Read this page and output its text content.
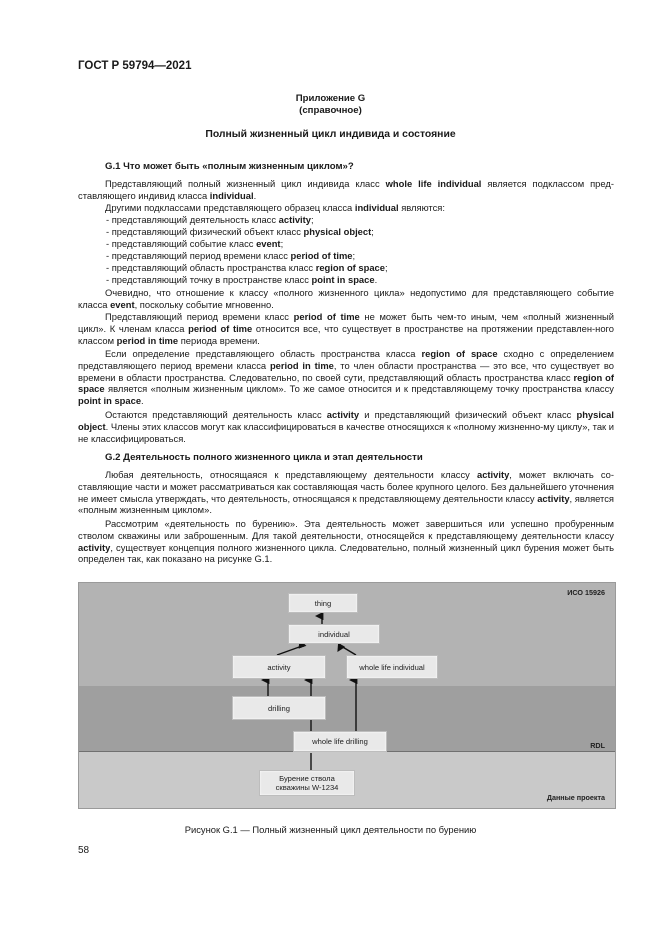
ГОСТ Р 59794—2021
Приложение G
(справочное)
Полный жизненный цикл индивида и состояние
G.1 Что может быть «полным жизненным циклом»?
Представляющий полный жизненный цикл индивида класс whole life individual является подклассом пред-ставляющего индивид класса individual.
Другими подклассами представляющего образец класса individual являются:
- представляющий деятельность класс activity;
- представляющий физический объект класс physical object;
- представляющий событие класс event;
- представляющий период времени класс period of time;
- представляющий область пространства класс region of space;
- представляющий точку в пространстве класс point in space.
Очевидно, что отношение к классу «полного жизненного цикла» недопустимо для представляющего событие класса event, поскольку событие мгновенно.
Представляющий период времени класс period of time не может быть чем-то иным, чем «полный жизненный цикл». К членам класса period of time относится все, что существует в пространстве на протяжении представлен-ного классом period in time периода времени.
Если определение представляющего область пространства класса region of space сходно с определением представляющего период времени класса period in time, то член области пространства — это все, что существует во времени в области пространства. Следовательно, по своей сути, представляющий область пространства класс region of space является «полным жизненным циклом». То же самое относится и к представляющему точку пространства классу point in space.
Остаются представляющий деятельность класс activity и представляющий физический объект класс physical object. Члены этих классов могут как классифицироваться в качестве относящихся к «полному жизненно-му циклу», так и не классифицироваться.
G.2 Деятельность полного жизненного цикла и этап деятельности
Любая деятельность, относящаяся к представляющему деятельности классу activity, может включать со-ставляющие части и может рассматриваться как составляющая часть более крупного целого. Без дальнейшего уточнения не имеет смысла утверждать, что деятельность, относящаяся к представляющему деятельности классу activity, является «полным жизненным циклом».
Рассмотрим «деятельность по бурению». Эта деятельность может завершиться или успешно пробуренным стволом скважины или заброшенным. Для такой деятельности, относящейся к представляющему деятельности классу activity, существует концепция полного жизненного цикла. Следовательно, полный жизненный цикл бурения может быть определен так, как показано на рисунке G.1.
thing
individual
activity	whole life individual
drilling
whole life drilling
Бурение ствола
скважины W-1234
ИСО 15926
RDL
Данные проекта
Рисунок G.1 — Полный жизненный цикл деятельности по бурению
58
